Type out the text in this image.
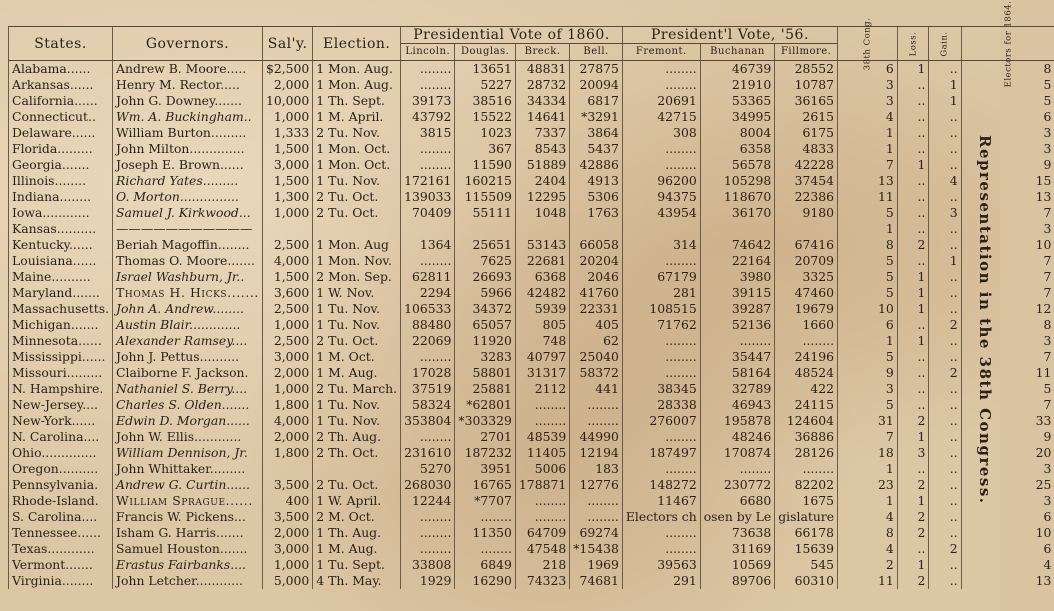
States.	Governors.	Sal'y.	Election.	Presidential Vote of 1860.				President'l Vote, '56.			38th Cong.	Loss.	Gain.	Electors for 1864.
				Lincoln.	Douglas.	Breck.	Bell.	Fremont.	Buchanan	Fillmore.				
Alabama......	Andrew B. Moore.....	$2,500	1 Mon. Aug.	........	13651	48831	27875	........	46739	28552	6	1	..	8
Arkansas......	Henry M. Rector.....	2,000	1 Mon. Aug.	........	5227	28732	20094	........	21910	10787	3	..	1	5
California......	John G. Downey.......	10,000	1 Th. Sept.	39173	38516	34334	6817	20691	53365	36165	3	..	1	5
Connecticut..	Wm. A. Buckingham..	1,000	1 M. April.	43792	15522	14641	*3291	42715	34995	2615	4	..	..	6
Delaware......	William Burton.........	1,333	2 Tu. Nov.	3815	1023	7337	3864	308	8004	6175	1	..	..	3
Florida.........	John Milton..............	1,500	1 Mon. Oct.	........	367	8543	5437	........	6358	4833	1	..	..	3
Georgia.......	Joseph E. Brown......	3,000	1 Mon. Oct.	........	11590	51889	42886	........	56578	42228	7	1	..	9
Illinois........	Richard Yates.........	1,500	1 Tu. Nov.	172161	160215	2404	4913	96200	105298	37454	13	..	4	15
Indiana........	O. Morton...............	1,300	2 Tu. Oct.	139033	115509	12295	5306	94375	118670	22386	11	..	..	13
Iowa............	Samuel J. Kirkwood...	1,000	2 Tu. Oct.	70409	55111	1048	1763	43954	36170	9180	5	..	3	7
Kansas..........	———————————										1	..	..	3
Kentucky......	Beriah Magoffin........	2,500	1 Mon. Aug	1364	25651	53143	66058	314	74642	67416	8	2	..	10
Louisiana......	Thomas O. Moore.......	4,000	1 Mon. Nov.	........	7625	22681	20204	........	22164	20709	5	..	1	7
Maine..........	Israel Washburn, Jr..	1,500	2 Mon. Sep.	62811	26693	6368	2046	67179	3980	3325	5	1	..	7
Maryland.......	Thomas H. Hicks.......	3,600	1 W. Nov.	2294	5966	42482	41760	281	39115	47460	5	1	..	7
Massachusetts.	John A. Andrew........	2,500	1 Tu. Nov.	106533	34372	5939	22331	108515	39287	19679	10	1	..	12
Michigan.......	Austin Blair.............	1,000	1 Tu. Nov.	88480	65057	805	405	71762	52136	1660	6	..	2	8
Minnesota......	Alexander Ramsey....	2,500	2 Tu. Oct.	22069	11920	748	62	........	........	........	1	1	..	3
Mississippi......	John J. Pettus..........	3,000	1 M. Oct.	........	3283	40797	25040	........	35447	24196	5	..	..	7
Missouri.........	Claiborne F. Jackson.	2,000	1 M. Aug.	17028	58801	31317	58372	........	58164	48524	9	..	2	11
N. Hampshire.	Nathaniel S. Berry....	1,000	2 Tu. March.	37519	25881	2112	441	38345	32789	422	3	..	..	5
New-Jersey....	Charles S. Olden.......	1,800	1 Tu. Nov.	58324	*62801	........	........	28338	46943	24115	5	..	..	7
New-York......	Edwin D. Morgan......	4,000	1 Tu. Nov.	353804	*303329	........	........	276007	195878	124604	31	2	..	33
N. Carolina....	John W. Ellis............	2,000	2 Th. Aug.	........	2701	48539	44990	........	48246	36886	7	1	..	9
Ohio..............	William Dennison, Jr.	1,800	2 Th. Oct.	231610	187232	11405	12194	187497	170874	28126	18	3	..	20
Oregon..........	John Whittaker.........			5270	3951	5006	183	........	........	........	1	..	..	3
Pennsylvania.	Andrew G. Curtin......	3,500	2 Tu. Oct.	268030	16765	178871	12776	148272	230772	82202	23	2	..	25
Rhode-Island.	William Sprague......	400	1 W. April.	12244	*7707	........	........	11467	6680	1675	1	1	..	3
S. Carolina....	Francis W. Pickens...	3,500	2 M. Oct.	........	........	........	........	Electors ch	osen by Le	gislature	4	2	..	6
Tennessee......	Isham G. Harris.......	2,000	1 Th. Aug.	........	11350	64709	69274	........	73638	66178	8	2	..	10
Texas............	Samuel Houston.......	3,000	1 M. Aug.	........	........	47548	*15438	........	31169	15639	4	..	2	6
Vermont.......	Erastus Fairbanks....	1,000	1 Tu. Sept.	33808	6849	218	1969	39563	10569	545	2	1	..	4
Virginia........	John Letcher............	5,000	4 Th. May.	1929	16290	74323	74681	291	89706	60310	11	2	..	13
Representation in the 38th Congress.
